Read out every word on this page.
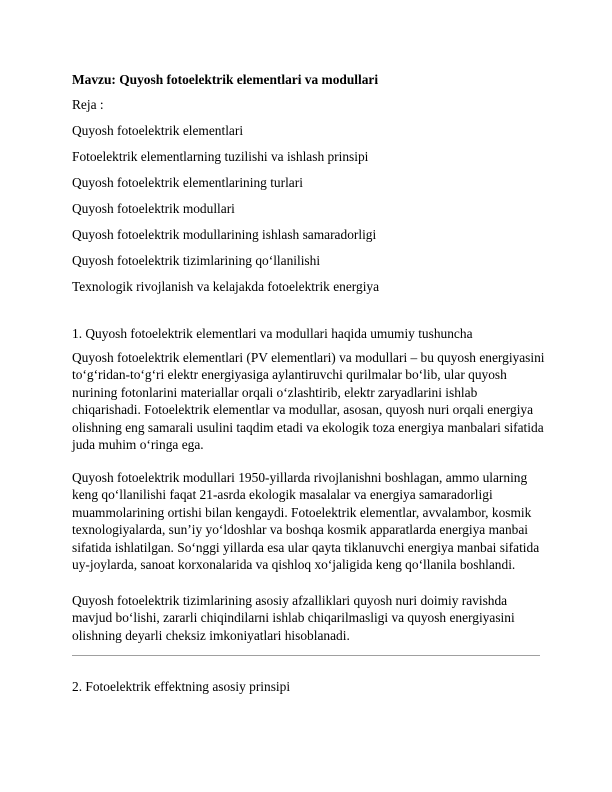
Mavzu: Quyosh fotoelektrik elementlari va modullari
Reja :
Quyosh fotoelektrik elementlari
Fotoelektrik elementlarning tuzilishi va ishlash prinsipi
Quyosh fotoelektrik elementlarining turlari
Quyosh fotoelektrik modullari
Quyosh fotoelektrik modullarining ishlash samaradorligi
Quyosh fotoelektrik tizimlarining qo‘llanilishi
Texnologik rivojlanish va kelajakda fotoelektrik energiya
1. Quyosh fotoelektrik elementlari va modullari haqida umumiy tushuncha
Quyosh fotoelektrik elementlari (PV elementlari) va modullari – bu quyosh energiyasini to‘g‘ridan-to‘g‘ri elektr energiyasiga aylantiruvchi qurilmalar bo‘lib, ular quyosh nurining fotonlarini materiallar orqali o‘zlashtirib, elektr zaryadlarini ishlab chiqarishadi. Fotoelektrik elementlar va modullar, asosan, quyosh nuri orqali energiya olishning eng samarali usulini taqdim etadi va ekologik toza energiya manbalari sifatida juda muhim o‘ringa ega.
Quyosh fotoelektrik modullari 1950-yillarda rivojlanishni boshlagan, ammo ularning keng qo‘llanilishi faqat 21-asrda ekologik masalalar va energiya samaradorligi muammolarining ortishi bilan kengaydi. Fotoelektrik elementlar, avvalambor, kosmik texnologiyalarda, sun’iy yo‘ldoshlar va boshqa kosmik apparatlarda energiya manbai sifatida ishlatilgan. So‘nggi yillarda esa ular qayta tiklanuvchi energiya manbai sifatida uy-joylarda, sanoat korxonalarida va qishloq xo‘jaligida keng qo‘llanila boshlandi.
Quyosh fotoelektrik tizimlarining asosiy afzalliklari quyosh nuri doimiy ravishda mavjud bo‘lishi, zararli chiqindilarni ishlab chiqarilmasligi va quyosh energiyasini olishning deyarli cheksiz imkoniyatlari hisoblanadi.
2. Fotoelektrik effektning asosiy prinsipi
